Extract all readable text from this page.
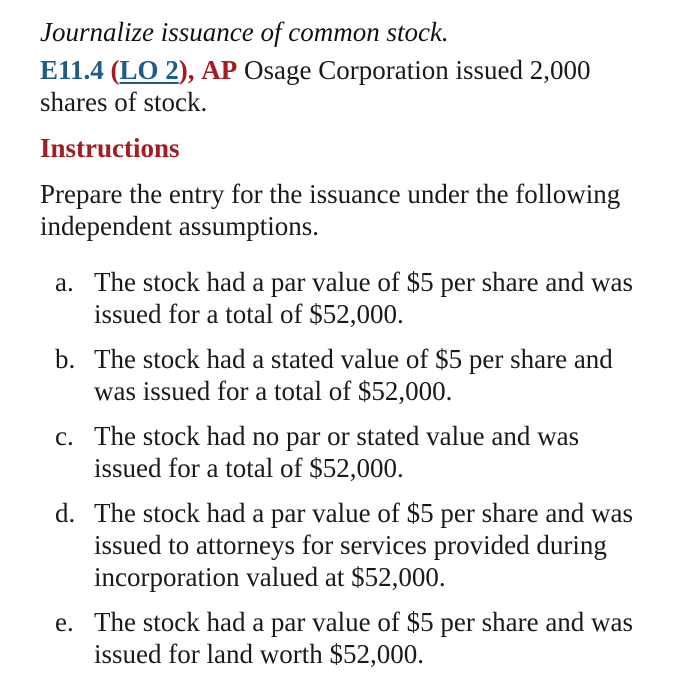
Journalize issuance of common stock.

E11.4 (LO 2), AP Osage Corporation issued 2,000 shares of stock.

Instructions

Prepare the entry for the issuance under the following independent assumptions.

a. The stock had a par value of $5 per share and was issued for a total of $52,000.
b. The stock had a stated value of $5 per share and was issued for a total of $52,000.
c. The stock had no par or stated value and was issued for a total of $52,000.
d. The stock had a par value of $5 per share and was issued to attorneys for services provided during incorporation valued at $52,000.
e. The stock had a par value of $5 per share and was issued for land worth $52,000.
